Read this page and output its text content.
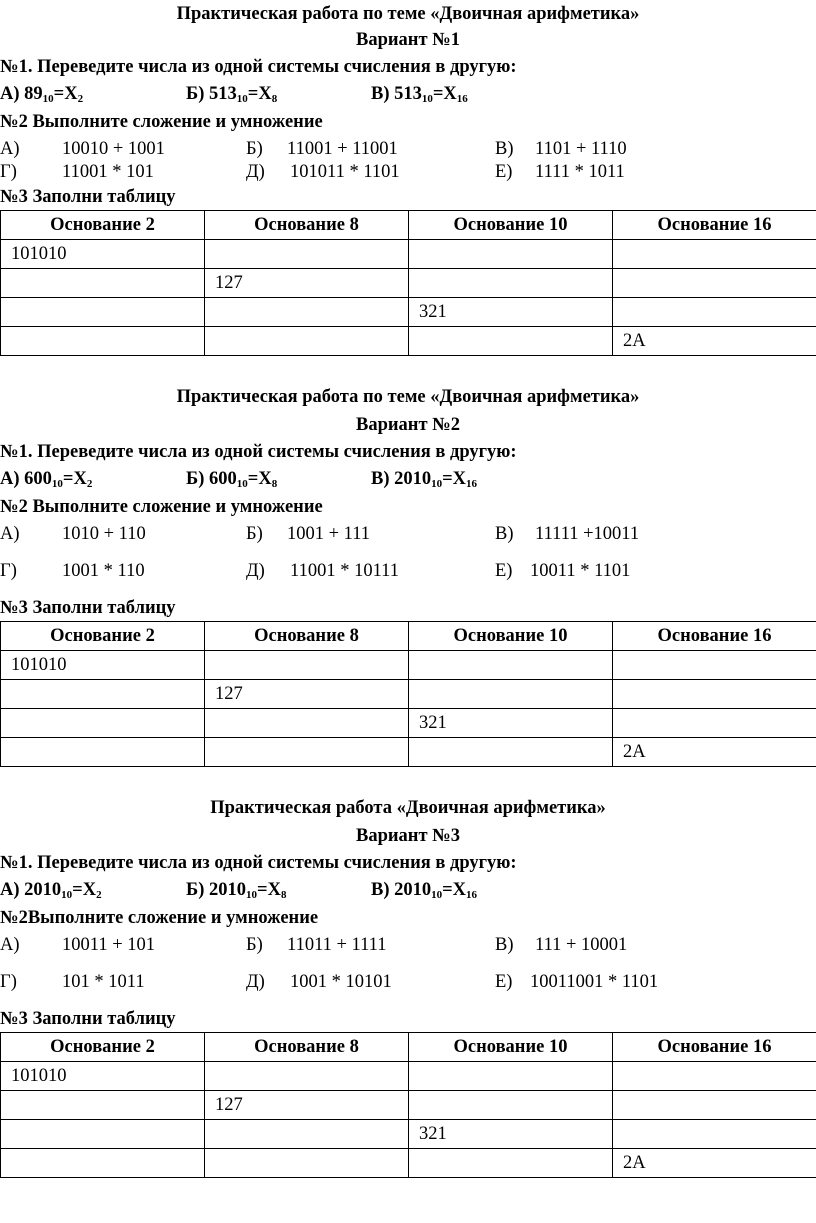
Практическая работа по теме «Двоичная арифметика»
Вариант №1
№1. Переведите числа из одной системы счисления в другую:
А) $89_{10}=X_2$	Б) $513_{10}=X_8$	В) $513_{10}=X_{16}$
№2 Выполните сложение и умножение
А) 10010 + 1001	Б) 11001 + 11001	В) 1101 + 1110
Г) 11001 * 101	Д) 101011 * 1101	Е) 1111 * 1011
№3 Заполни таблицу
Основание 2	Основание 8	Основание 10	Основание 16
101010			
	127		
		321	
			2A
Практическая работа по теме «Двоичная арифметика»
Вариант №2
№1. Переведите числа из одной системы счисления в другую:
А) $600_{10}=X_2$	Б) $600_{10}=X_8$	В) $2010_{10}=X_{16}$
№2 Выполните сложение и умножение
А) 1010 + 110	Б) 1001 + 111	В) 11111 +10011
Г) 1001 * 110	Д) 11001 * 10111	Е) 10011 * 1101
№3 Заполни таблицу
Основание 2	Основание 8	Основание 10	Основание 16
101010			
	127		
		321	
			2A
Практическая работа «Двоичная арифметика»
Вариант №3
№1. Переведите числа из одной системы счисления в другую:
А) $2010_{10}=X_2$	Б) $2010_{10}=X_8$	В) $2010_{10}=X_{16}$
№2Выполните сложение и умножение
А) 10011 + 101	Б) 11011 + 1111	В) 111 + 10001
Г) 101 * 1011	Д) 1001 * 10101	Е) 10011001 * 1101
№3 Заполни таблицу
Основание 2	Основание 8	Основание 10	Основание 16
101010			
	127		
		321	
			2A
